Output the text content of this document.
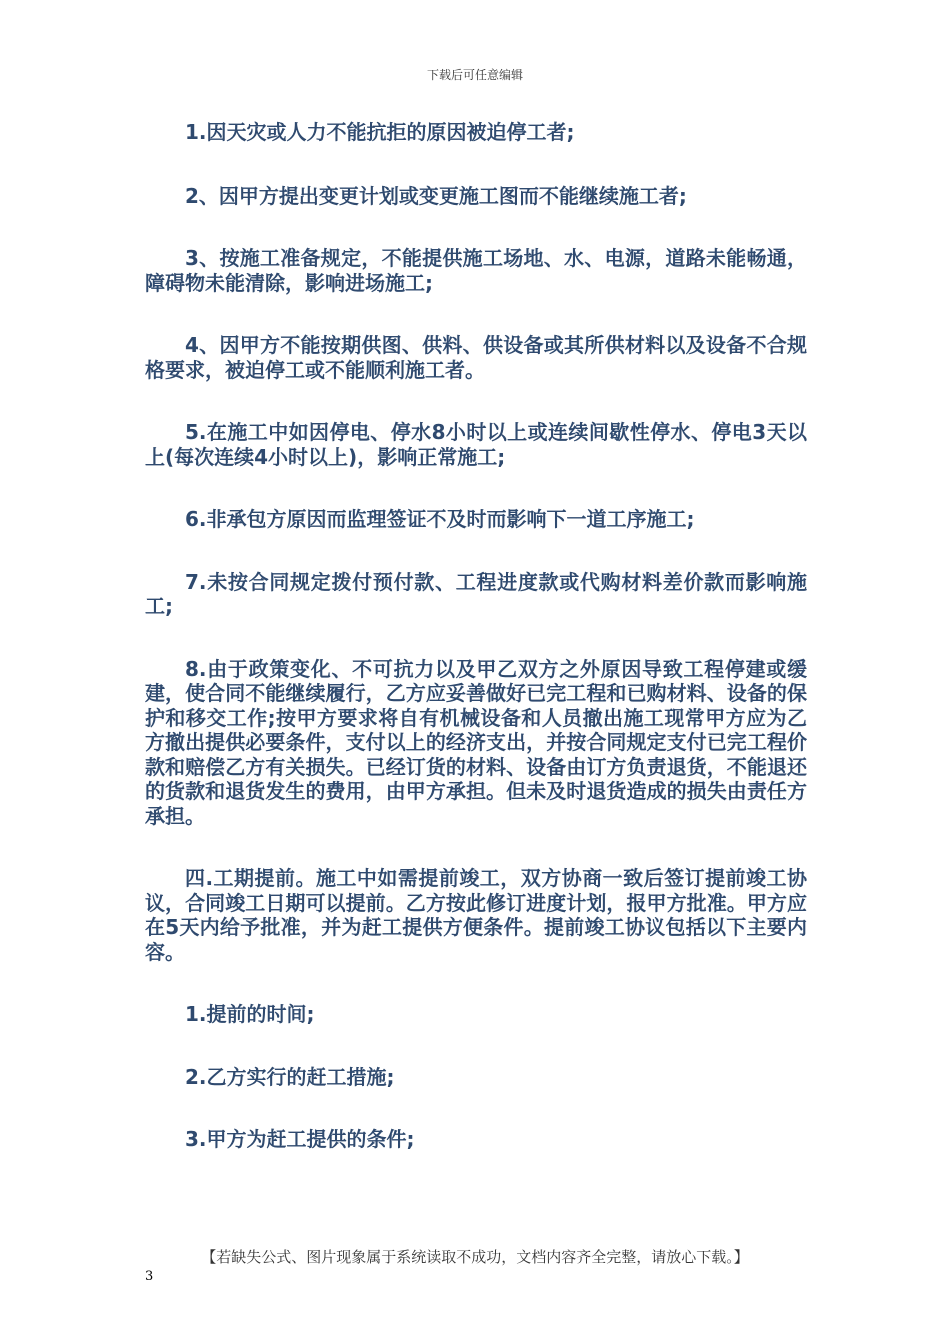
下载后可任意编辑

1.因天灾或人力不能抗拒的原因被迫停工者;

2、因甲方提出变更计划或变更施工图而不能继续施工者;

3、按施工准备规定，不能提供施工场地、水、电源，道路未能畅通，障碍物未能清除，影响进场施工;

4、因甲方不能按期供图、供料、供设备或其所供材料以及设备不合规格要求，被迫停工或不能顺利施工者。

5.在施工中如因停电、停水8小时以上或连续间歇性停水、停电3天以上(每次连续4小时以上)，影响正常施工;

6.非承包方原因而监理签证不及时而影响下一道工序施工;

7.未按合同规定拨付预付款、工程进度款或代购材料差价款而影响施工;

8.由于政策变化、不可抗力以及甲乙双方之外原因导致工程停建或缓建，使合同不能继续履行，乙方应妥善做好已完工程和已购材料、设备的保护和移交工作;按甲方要求将自有机械设备和人员撤出施工现常甲方应为乙方撤出提供必要条件，支付以上的经济支出，并按合同规定支付已完工程价款和赔偿乙方有关损失。已经订货的材料、设备由订方负责退货，不能退还的货款和退货发生的费用，由甲方承担。但未及时退货造成的损失由责任方承担。

四.工期提前。施工中如需提前竣工，双方协商一致后签订提前竣工协议，合同竣工日期可以提前。乙方按此修订进度计划，报甲方批准。甲方应在5天内给予批准，并为赶工提供方便条件。提前竣工协议包括以下主要内容。

1.提前的时间;

2.乙方实行的赶工措施;

3.甲方为赶工提供的条件;

【若缺失公式、图片现象属于系统读取不成功，文档内容齐全完整，请放心下载。】
3
